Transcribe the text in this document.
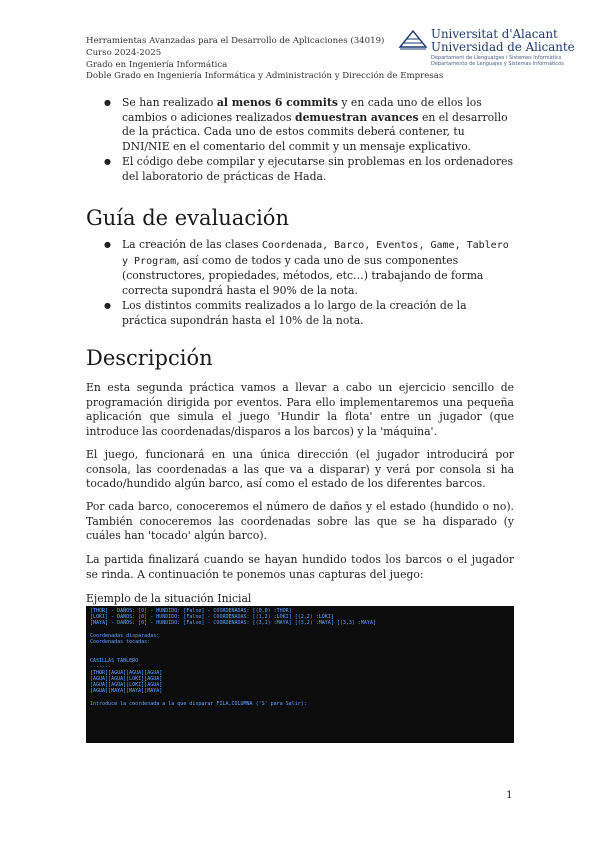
Herramientas Avanzadas para el Desarrollo de Aplicaciones (34019)
Curso 2024-2025
Grado en Ingeniería Informática
Doble Grado en Ingeniería Informática y Administración y Dirección de Empresas
Universitat d'Alacant
Universidad de Alicante
Departament de Llenguatges i Sistemes Informàtics
Departamento de Lenguajes y Sistemas Informáticos
● Se han realizado al menos 6 commits y en cada uno de ellos los cambios o adiciones realizados demuestran avances en el desarrollo de la práctica. Cada uno de estos commits deberá contener, tu DNI/NIE en el comentario del commit y un mensaje explicativo.
● El código debe compilar y ejecutarse sin problemas en los ordenadores del laboratorio de prácticas de Hada.
Guía de evaluación
● La creación de las clases Coordenada, Barco, Eventos, Game, Tablero y Program, así como de todos y cada uno de sus componentes (constructores, propiedades, métodos, etc…) trabajando de forma correcta supondrá hasta el 90% de la nota.
● Los distintos commits realizados a lo largo de la creación de la práctica supondrán hasta el 10% de la nota.
Descripción

En esta segunda práctica vamos a llevar a cabo un ejercicio sencillo de programación dirigida por eventos. Para ello implementaremos una pequeña aplicación que simula el juego 'Hundir la flota' entre un jugador (que introduce las coordenadas/disparos a los barcos) y la 'máquina'.

El juego, funcionará en una única dirección (el jugador introducirá por consola, las coordenadas a las que va a disparar) y verá por consola si ha tocado/hundido algún barco, así como el estado de los diferentes barcos.

Por cada barco, conoceremos el número de daños y el estado (hundido o no). También conoceremos las coordenadas sobre las que se ha disparado (y cuáles han 'tocado' algún barco).

La partida finalizará cuando se hayan hundido todos los barcos o el jugador se rinda. A continuación te ponemos unas capturas del juego:

Ejemplo de la situación Inicial
[THOR] - DAÑOS: [0] - HUNDIDO: [False] - COORDENADAS: [(0,0) :THOR]
[LOKI] - DAÑOS: [0] - HUNDIDO: [False] - COORDENADAS: [(1,2) :LOKI] [(2,2) :LOKI]
[MAYA] - DAÑOS: [0] - HUNDIDO: [False] - COORDENADAS: [(3,1) :MAYA] [(3,2) :MAYA] [(3,3) :MAYA]
Coordenadas disparadas:
Coordenadas tocadas:
CASILLAS TABLERO
-------
[THOR][AGUA][AGUA][AGUA]
[AGUA][AGUA][LOKI][AGUA]
[AGUA][AGUA][LOKI][AGUA]
[AGUA][MAYA][MAYA][MAYA]
Introduce la coordenada a la que disparar FILA,COLUMNA ('S' para Salir):
1
